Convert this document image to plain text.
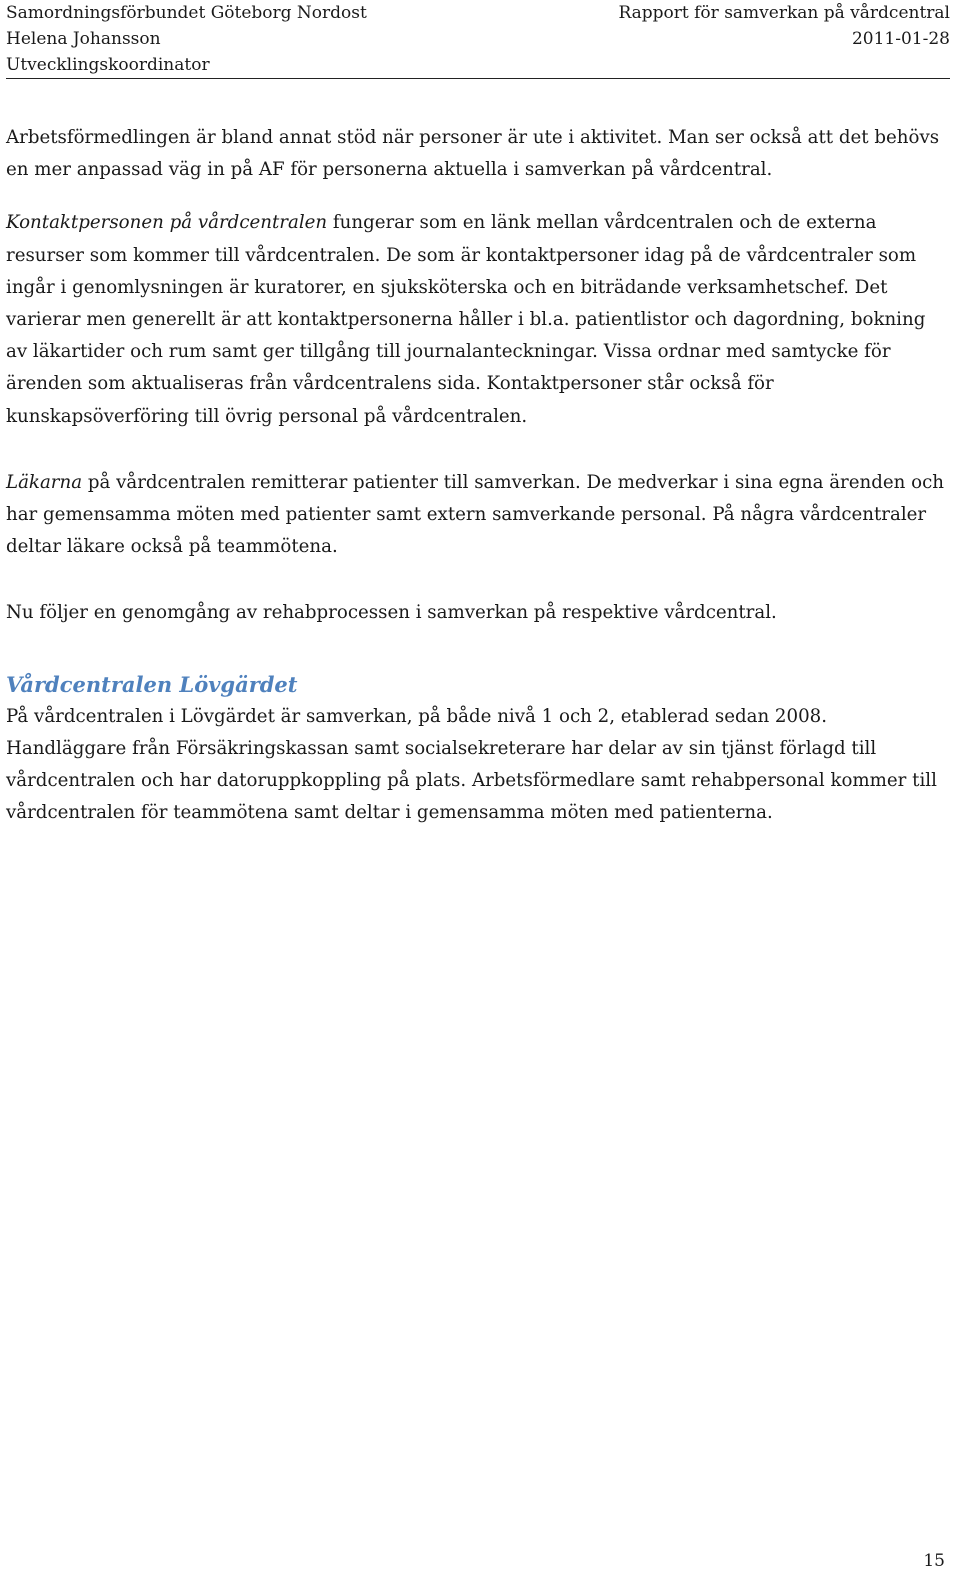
Samordningsförbundet Göteborg Nordost
Helena Johansson
Utvecklingskoordinator
Rapport för samverkan på vårdcentral
2011-01-28

Arbetsförmedlingen är bland annat stöd när personer är ute i aktivitet. Man ser också att det behövs en mer anpassad väg in på AF för personerna aktuella i samverkan på vårdcentral.

Kontaktpersonen på vårdcentralen fungerar som en länk mellan vårdcentralen och de externa resurser som kommer till vårdcentralen. De som är kontaktpersoner idag på de vårdcentraler som ingår i genomlysningen är kuratorer, en sjuksköterska och en biträdande verksamhetschef. Det varierar men generellt är att kontaktpersonerna håller i bl.a. patientlistor och dagordning, bokning av läkartider och rum samt ger tillgång till journalanteckningar. Vissa ordnar med samtycke för ärenden som aktualiseras från vårdcentralens sida. Kontaktpersoner står också för kunskapsöverföring till övrig personal på vårdcentralen.

Läkarna på vårdcentralen remitterar patienter till samverkan. De medverkar i sina egna ärenden och har gemensamma möten med patienter samt extern samverkande personal. På några vårdcentraler deltar läkare också på teammötena.

Nu följer en genomgång av rehabprocessen i samverkan på respektive vårdcentral.

Vårdcentralen Lövgärdet

På vårdcentralen i Lövgärdet är samverkan, på både nivå 1 och 2, etablerad sedan 2008. Handläggare från Försäkringskassan samt socialsekreterare har delar av sin tjänst förlagd till vårdcentralen och har datoruppkoppling på plats. Arbetsförmedlare samt rehabpersonal kommer till vårdcentralen för teammötena samt deltar i gemensamma möten med patienterna.

15
